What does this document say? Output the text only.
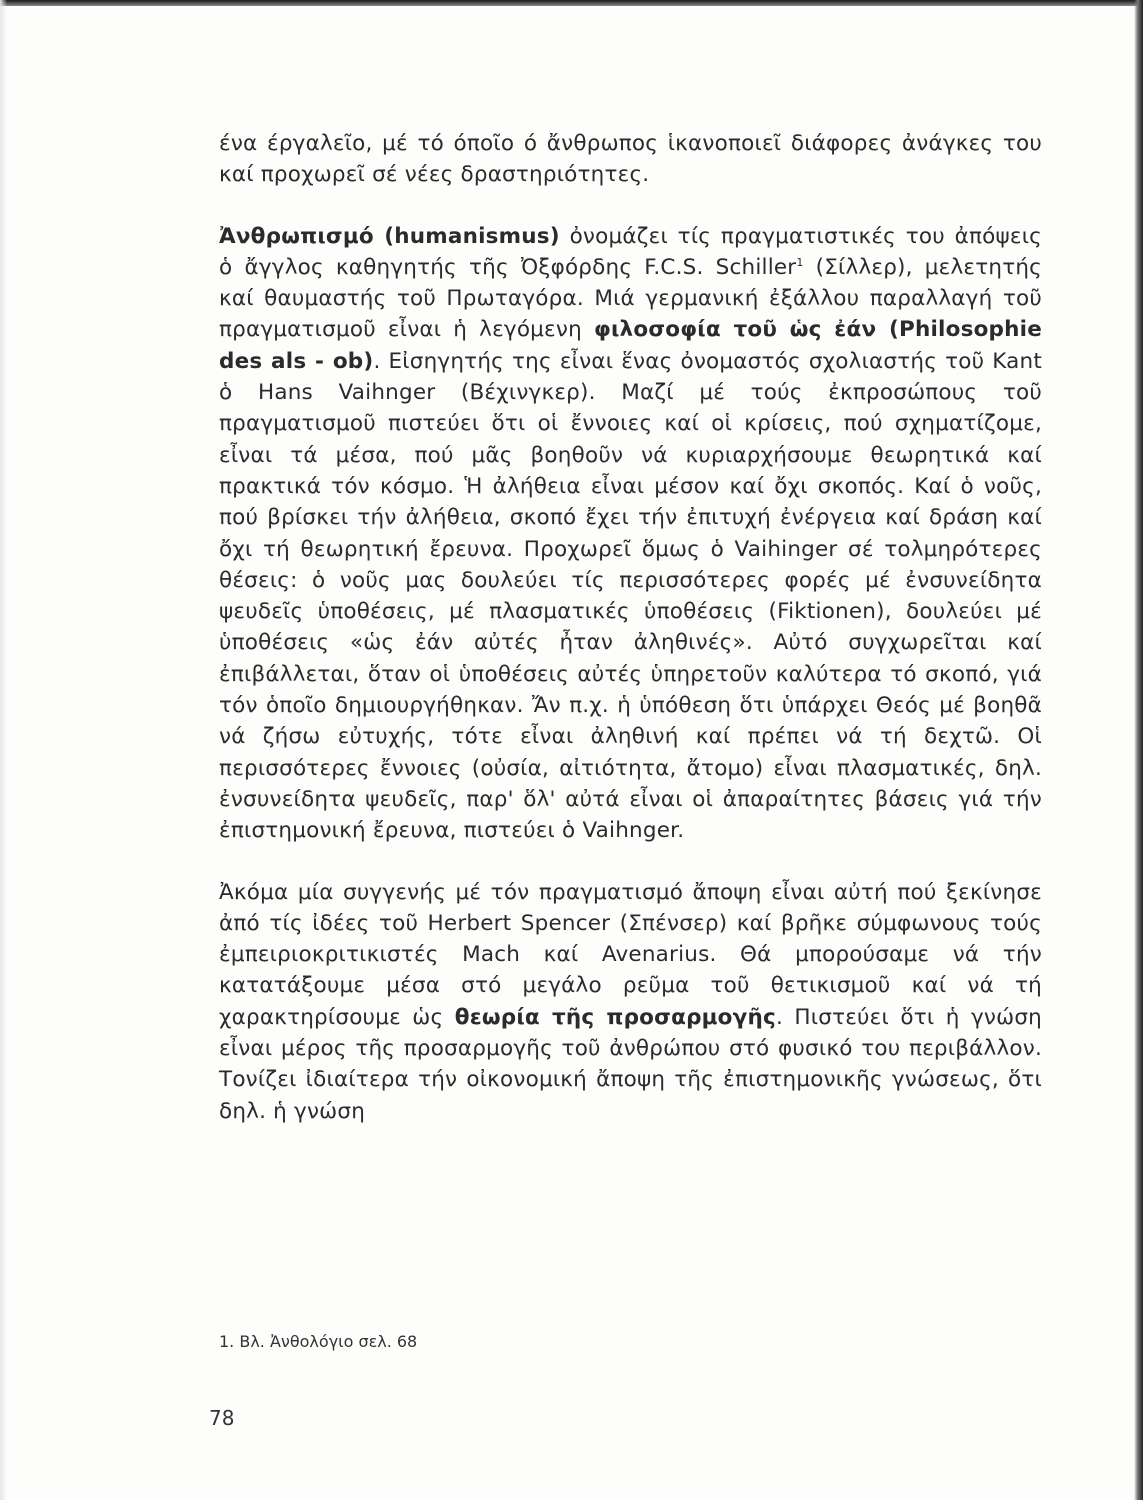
ένα έργαλεῖο, μέ τό όποῖο ό ἄνθρωπος ἱκανοποιεῖ διάφορες ἀνάγκες του καί προχωρεῖ σέ νέες δραστηριότητες.

Ἀνθρωπισμό (humanismus) ὀνομάζει τίς πραγματιστικές του ἀπόψεις ὁ ἄγγλος καθηγητής τῆς Ὀξφόρδης F.C.S. Schiller$^1$ (Σίλλερ), μελετητής καί θαυμαστής τοῦ Πρωταγόρα. Μιά γερμανική ἐξάλλου παραλλαγή τοῦ πραγματισμοῦ εἶναι ἡ λεγόμενη φιλοσοφία τοῦ ὡς ἐάν (Philosophie des als - ob). Εἰσηγητής της εἶναι ἕνας ὀνομαστός σχολιαστής τοῦ Kant ὁ Hans Vaihnger (Βέχινγκερ). Μαζί μέ τούς ἐκπροσώπους τοῦ πραγματισμοῦ πιστεύει ὅτι οἱ ἔννοιες καί οἱ κρίσεις, πού σχηματίζομε, εἶναι τά μέσα, πού μᾶς βοηθοῦν νά κυριαρχήσουμε θεωρητικά καί πρακτικά τόν κόσμο. Ἡ ἀλήθεια εἶναι μέσον καί ὄχι σκοπός. Καί ὁ νοῦς, πού βρίσκει τήν ἀλήθεια, σκοπό ἔχει τήν ἐπιτυχή ἐνέργεια καί δράση καί ὄχι τή θεωρητική ἔρευνα. Προχωρεῖ ὅμως ὁ Vaihinger σέ τολμηρότερες θέσεις: ὁ νοῦς μας δουλεύει τίς περισσότερες φορές μέ ἐνσυνείδητα ψευδεῖς ὑποθέσεις, μέ πλασματικές ὑποθέσεις (Fiktionen), δουλεύει μέ ὑποθέσεις «ὡς ἐάν αὐτές ἦταν ἀληθινές». Αὐτό συγχωρεῖται καί ἐπιβάλλεται, ὅταν οἱ ὑποθέσεις αὐτές ὑπηρετοῦν καλύτερα τό σκοπό, γιά τόν ὁποῖο δημιουργήθηκαν. Ἄν π.χ. ἡ ὑπόθεση ὅτι ὑπάρχει Θεός μέ βοηθᾶ νά ζήσω εὐτυχής, τότε εἶναι ἀληθινή καί πρέπει νά τή δεχτῶ. Οἱ περισσότερες ἔννοιες (οὐσία, αἰτιότητα, ἄτομο) εἶναι πλασματικές, δηλ. ἐνσυνείδητα ψευδεῖς, παρ' ὅλ' αὐτά εἶναι οἱ ἀπαραίτητες βάσεις γιά τήν ἐπιστημονική ἔρευνα, πιστεύει ὁ Vaihnger.

Ἀκόμα μία συγγενής μέ τόν πραγματισμό ἄποψη εἶναι αὐτή πού ξεκίνησε ἀπό τίς ἰδέες τοῦ Herbert Spencer (Σπένσερ) καί βρῆκε σύμφωνους τούς ἐμπειριοκριτικιστές Mach καί Avenarius. Θά μπορούσαμε νά τήν κατατάξουμε μέσα στό μεγάλο ρεῦμα τοῦ θετικισμοῦ καί νά τή χαρακτηρίσουμε ὡς θεωρία τῆς προσαρμογῆς. Πιστεύει ὅτι ἡ γνώση εἶναι μέρος τῆς προσαρμογῆς τοῦ ἀνθρώπου στό φυσικό του περιβάλλον. Τονίζει ἰδιαίτερα τήν οἰκονομική ἄποψη τῆς ἐπιστημονικῆς γνώσεως, ὅτι δηλ. ἡ γνώση

1. Βλ. Ἀνθολόγιο σελ. 68
78
